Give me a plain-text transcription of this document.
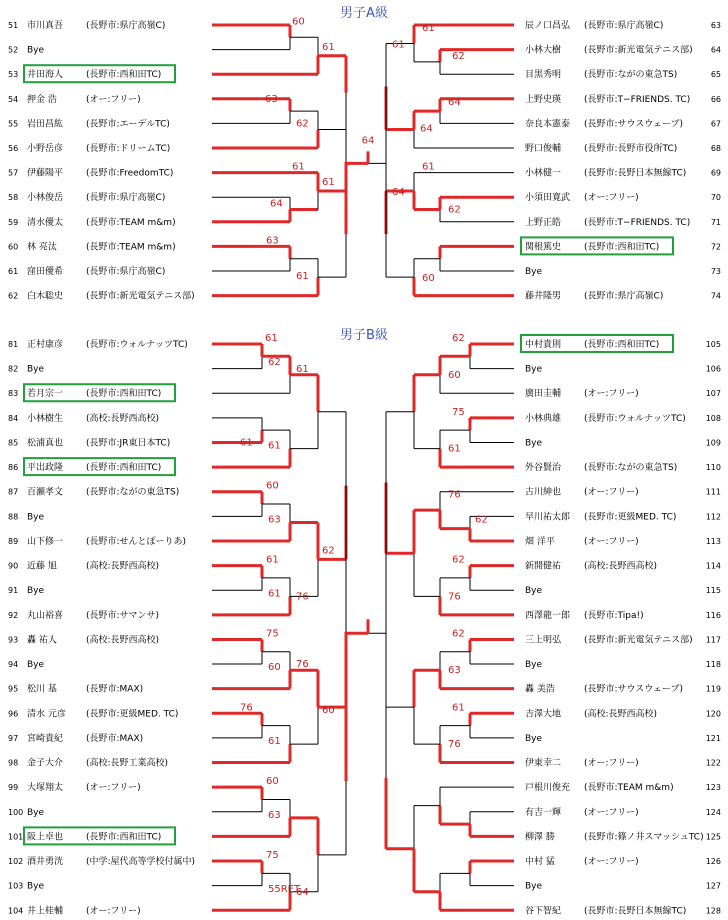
男子A級
男子B級
51 市川真吾	(長野市:県庁高嶺C)
52 Bye
53 井田海人	(長野市:西和田TC)
54 押金 浩	(オー:フリー)
55 岩田昌紘	(長野市:エーデルTC)
56 小野岳彦	(長野市:ドリームTC)
57 伊藤陽平	(長野市:FreedomTC)
58 小林俊岳	(長野市:県庁高嶺C)
59 清水優太	(長野市:TEAM m&m)
60 林 亮汰	(長野市:TEAM m&m)
61 窪田優希	(長野市:県庁高嶺C)
62 白木聡史	(長野市:新光電気テニス部)
辰ノ口昌弘 (長野市:県庁高嶺C)	63
小林大樹	(長野市:新光電気テニス部) 64
目黒秀明	(長野市:ながの東急TS)	65
上野史瑛	(長野市:T−FRIENDS. TC)	66
奈良本憲泰 (長野市:サウスウェーブ)	67
野口俊輔	(長野市:長野市役所TC)	68
小林健一	(長野市:長野日本無線TC)	69
小須田寛武 (オー:フリー)	70
上野正皓	(長野市:T−FRIENDS. TC)	71
関根篤史	(長野市:西和田TC)	72
Bye	73
藤井隆男	(長野市:県庁高嶺C)	74
60
63
62
64
61
63
61
61
61
62
61
64
64
62
61
60
61
64
64
81 正村康彦	(長野市:ウォルナッツTC)
82 Bye
83 若月宗一	(長野市:西和田TC)
84 小林樹生	(高校:長野西高校)
85 松浦真也	(長野市:JR東日本TC)
86 平出政隆	(長野市:西和田TC)
87 百瀬孝文	(長野市:ながの東急TS)
88 Bye
89 山下修一	(長野市:せんとぽーりあ)
90 近藤 旭	(高校:長野西高校)
91 Bye
92 丸山裕喜	(長野市:サマンサ)
93 轟 祐人	(高校:長野西高校)
94 Bye
95 松川 基	(長野市:MAX)
96 清水 元彦 (長野市:更級MED. TC)
97 宮崎貴紀	(長野市:MAX)
98 金子大介	(高校:長野工業高校)
99 大塚翔太	(オー:フリー)
100 Bye
101 阪上卓也	(長野市:西和田TC)
102 酒井勇洸	(中学:屋代高等学校付属中)
103 Bye
104 井上桂輔	(オー:フリー)
中村貴則	(長野市:西和田TC)	105
Bye	106
廣田圭輔	(オー:フリー)	107
小林典雄	(長野市:ウォルナッツTC) 108
Bye	109
外谷賢治	(長野市:ながの東急TS)	110
古川紳也	(オー:フリー)	111
早川祐太郎 (長野市:更級MED. TC)	112
畑 洋平	(オー:フリー)	113
新開健祐	(高校:長野西高校)	114
Bye	115
西澤龍一郎 (長野市:Tipa!)	116
三上明弘	(長野市:新光電気テニス部) 117
Bye	118
轟 美浩	(長野市:サウスウェーブ)	119
吉澤大地	(高校:長野西高校)	120
Bye	121
伊東幸二	(オー:フリー)	122
戸根川俊充 (長野市:TEAM m&m)	123
有吉一輝	(オー:フリー)	124
柳澤 勝	(長野市:篠ノ井スマッシュTC) 125
中村 猛	(オー:フリー)	126
Bye	127
谷下智紀	(長野市:長野日本無線TC) 128
61
62
61 61
60
63
61
61
75
60
76
61
60
63
75
55RET
61
76
76
64
62
60
62
60
75
61
62
76
62
76
62
63
61
76
